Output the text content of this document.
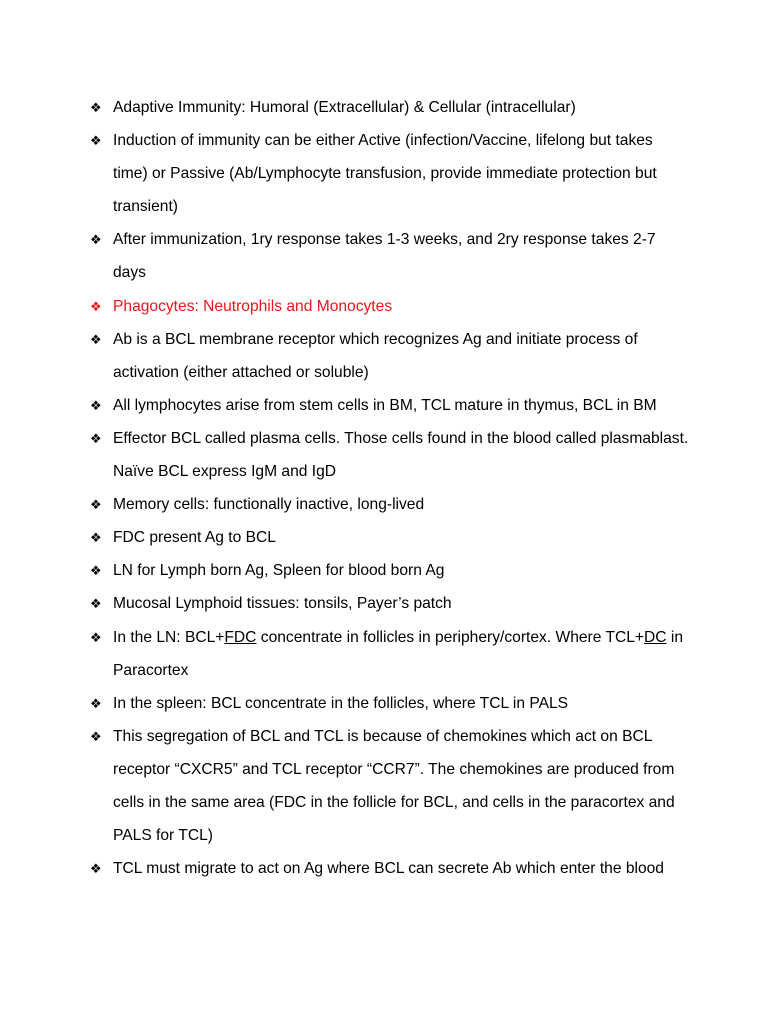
❖ Adaptive Immunity: Humoral (Extracellular) & Cellular (intracellular)
❖ Induction of immunity can be either Active (infection/Vaccine, lifelong but takes time) or Passive (Ab/Lymphocyte transfusion, provide immediate protection but transient)
❖ After immunization, 1ry response takes 1-3 weeks, and 2ry response takes 2-7 days
❖ Phagocytes: Neutrophils and Monocytes
❖ Ab is a BCL membrane receptor which recognizes Ag and initiate process of activation (either attached or soluble)
❖ All lymphocytes arise from stem cells in BM, TCL mature in thymus, BCL in BM
❖ Effector BCL called plasma cells. Those cells found in the blood called plasmablast. Naïve BCL express IgM and IgD
❖ Memory cells: functionally inactive, long-lived
❖ FDC present Ag to BCL
❖ LN for Lymph born Ag, Spleen for blood born Ag
❖ Mucosal Lymphoid tissues: tonsils, Payer’s patch
❖ In the LN: BCL+FDC concentrate in follicles in periphery/cortex. Where TCL+DC in Paracortex
❖ In the spleen: BCL concentrate in the follicles, where TCL in PALS
❖ This segregation of BCL and TCL is because of chemokines which act on BCL receptor “CXCR5” and TCL receptor “CCR7”. The chemokines are produced from cells in the same area (FDC in the follicle for BCL, and cells in the paracortex and PALS for TCL)
❖ TCL must migrate to act on Ag where BCL can secrete Ab which enter the blood
